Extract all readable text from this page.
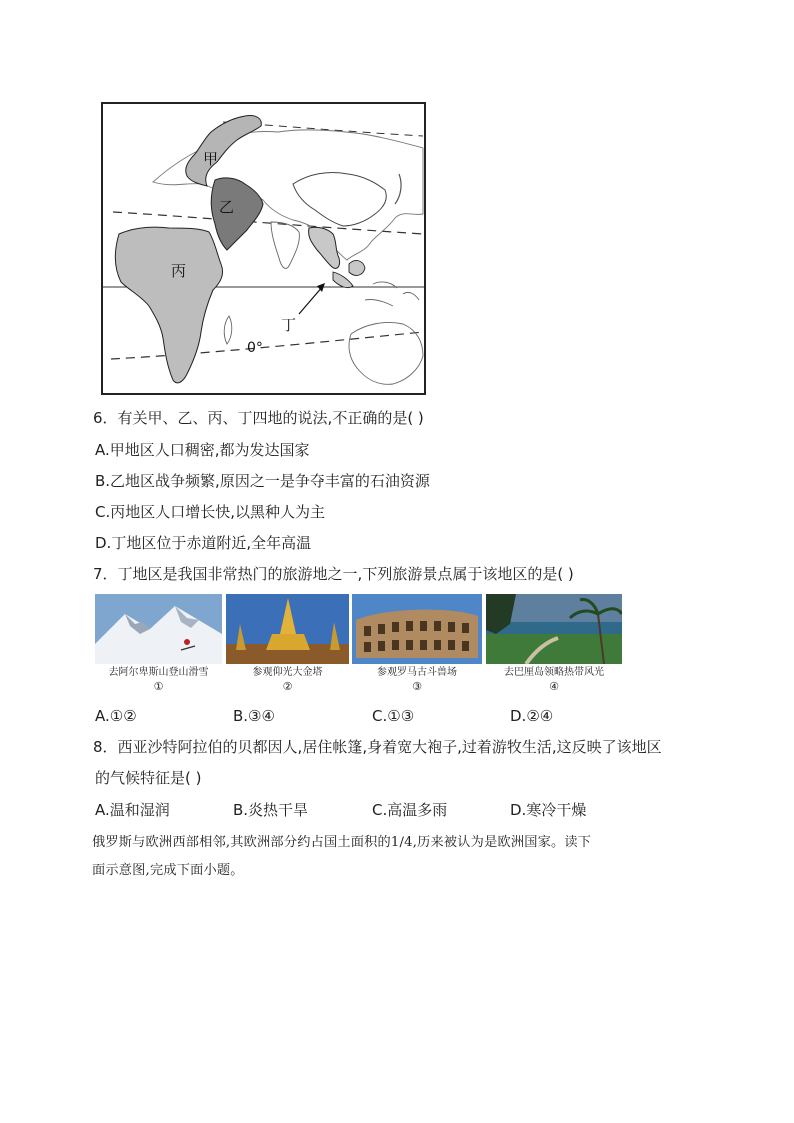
甲
乙
丙
丁
0°
6．有关甲、乙、丙、丁四地的说法,不正确的是( )
A.甲地区人口稠密,都为发达国家
B.乙地区战争频繁,原因之一是争夺丰富的石油资源
C.丙地区人口增长快,以黑种人为主
D.丁地区位于赤道附近,全年高温
7．丁地区是我国非常热门的旅游地之一,下列旅游景点属于该地区的是( )
去阿尔卑斯山登山滑雪	参观仰光大金塔	参观罗马古斗兽场	去巴厘岛领略热带风光
①	②	③	④
A.①②	B.③④	C.①③	D.②④
8．西亚沙特阿拉伯的贝都因人,居住帐篷,身着宽大袍子,过着游牧生活,这反映了该地区
的气候特征是( )
A.温和湿润	B.炎热干旱	C.高温多雨	D.寒冷干燥
俄罗斯与欧洲西部相邻,其欧洲部分约占国土面积的1/4,历来被认为是欧洲国家。读下
面示意图,完成下面小题。
